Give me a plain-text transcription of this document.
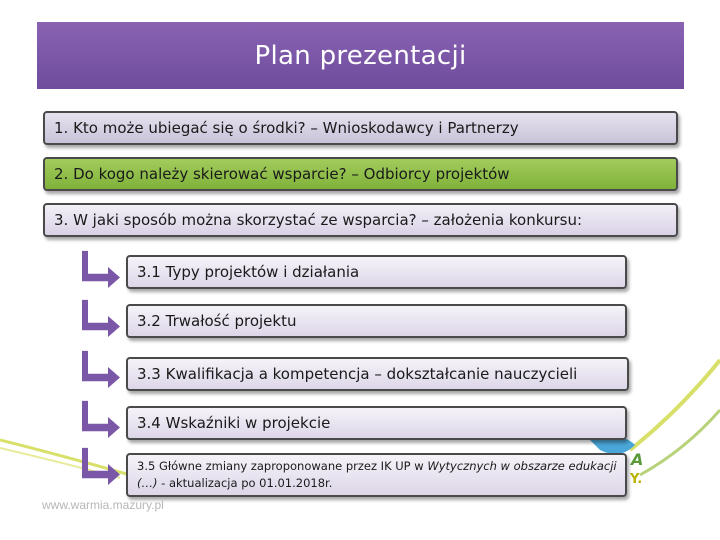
Plan prezentacji
1. Kto może ubiegać się o środki? – Wnioskodawcy i Partnerzy
2. Do kogo należy skierować wsparcie? – Odbiorcy projektów
3. W jaki sposób można skorzystać ze wsparcia? – założenia konkursu:
A
Y.
3.1 Typy projektów i działania
3.2 Trwałość projektu
3.3 Kwalifikacja a kompetencja – dokształcanie nauczycieli
3.4 Wskaźniki w projekcie
3.5 Główne zmiany zaproponowane przez IK UP w Wytycznych w obszarze edukacji (…) - aktualizacja po 01.01.2018r.
www.warmia.mazury.pl
